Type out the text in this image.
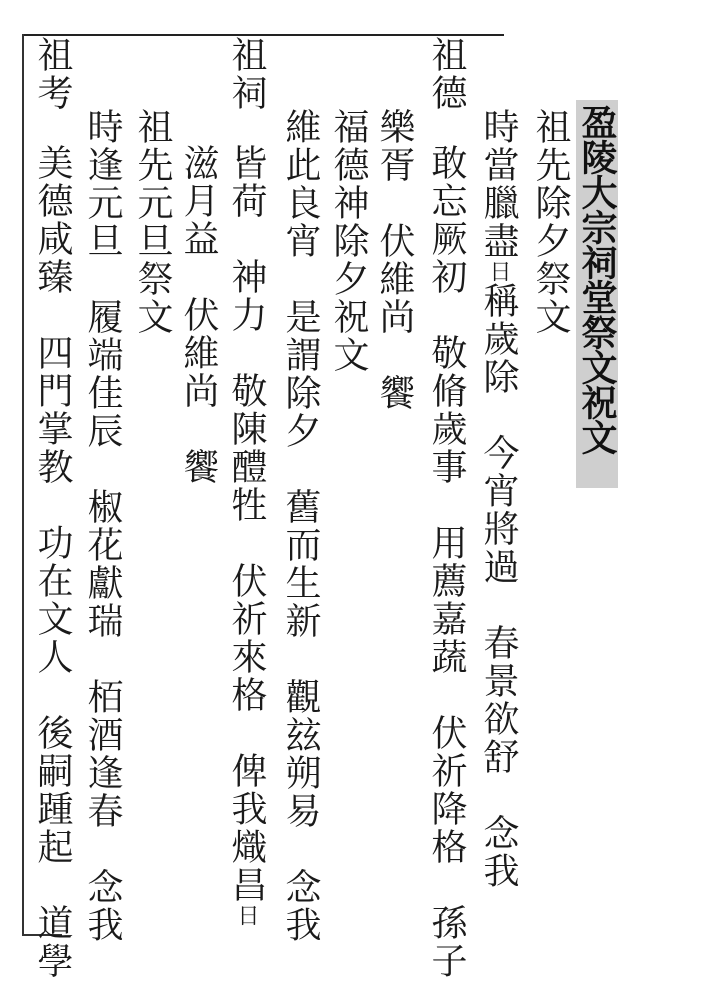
盈陵大宗祠堂祭文祝文
祖先除夕祭文
時當臘盡日稱歲除　今宵將過　春景欲舒　念我
祖德
敢忘厥初　敬脩歲事　用薦嘉蔬　伏祈降格　孫子
樂胥　伏維尚　饗
福德神除夕祝文
維此良宵　是謂除夕　舊而生新　觀玆朔易　念我
祖祠
皆荷　神力　敬陳醴牲　伏祈來格　俾我熾昌日
滋月益　伏維尚　饗
祖先元旦祭文
時逢元旦　履端佳辰　椒花獻瑞　栢酒逢春　念我
祖考
美德咸臻　四門掌教　功在文人　後嗣踵起　道學
